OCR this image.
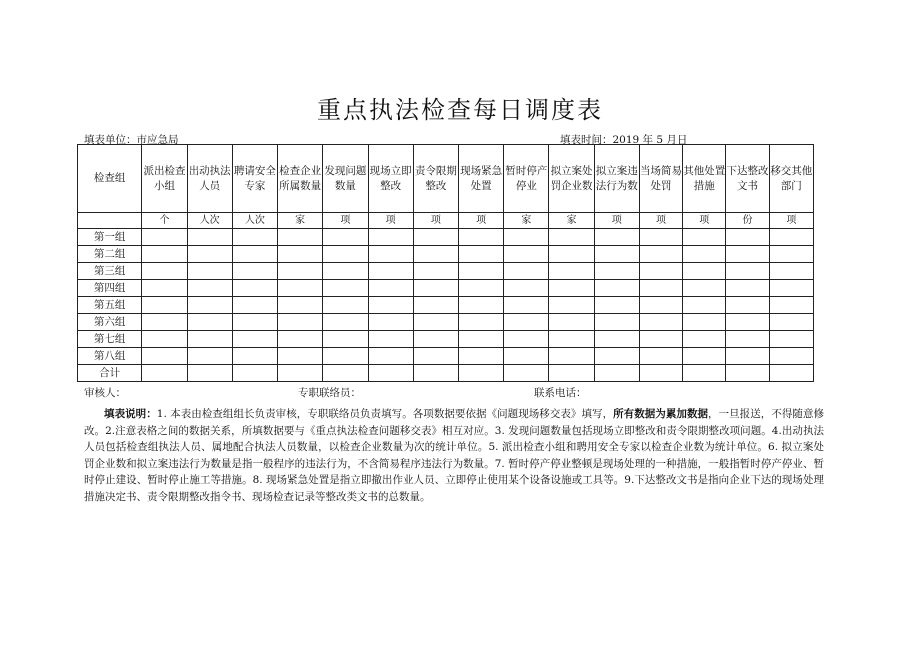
重点执法检查每日调度表
填表单位：市应急局	填表时间：2019 年 5 月日
检查组	派出检查小组	出动执法人员	聘请安全专家	检查企业所属数量	发现问题数量	现场立即整改	责令限期整改	现场紧急处置	暂时停产停业	拟立案处罚企业数	拟立案违法行为数	当场简易处罚	其他处置措施	下达整改文书	移交其他部门
	个	人次	人次	家	项	项	项	项	家	家	项	项	项	份	项
第一组															
第二组															
第三组															
第四组															
第五组															
第六组															
第七组															
第八组															
合计															
审核人：	专职联络员：	联系电话：
填表说明：1. 本表由检查组组长负责审核，专职联络员负责填写。各项数据要依据《问题现场移交表》填写，所有数据为累加数据，一旦报送，不得随意修改。2.注意表格之间的数据关系，所填数据要与《重点执法检查问题移交表》相互对应。3. 发现问题数量包括现场立即整改和责令限期整改项问题。4.出动执法人员包括检查组执法人员、属地配合执法人员数量，以检查企业数量为次的统计单位。5. 派出检查小组和聘用安全专家以检查企业数为统计单位。6. 拟立案处罚企业数和拟立案违法行为数量是指一般程序的违法行为，不含简易程序违法行为数量。7. 暂时停产停业整顿是现场处理的一种措施，一般指暂时停产停业、暂时停止建设、暂时停止施工等措施。8. 现场紧急处置是指立即撤出作业人员、立即停止使用某个设备设施或工具等。9.下达整改文书是指向企业下达的现场处理措施决定书、责令限期整改指令书、现场检查记录等整改类文书的总数量。
